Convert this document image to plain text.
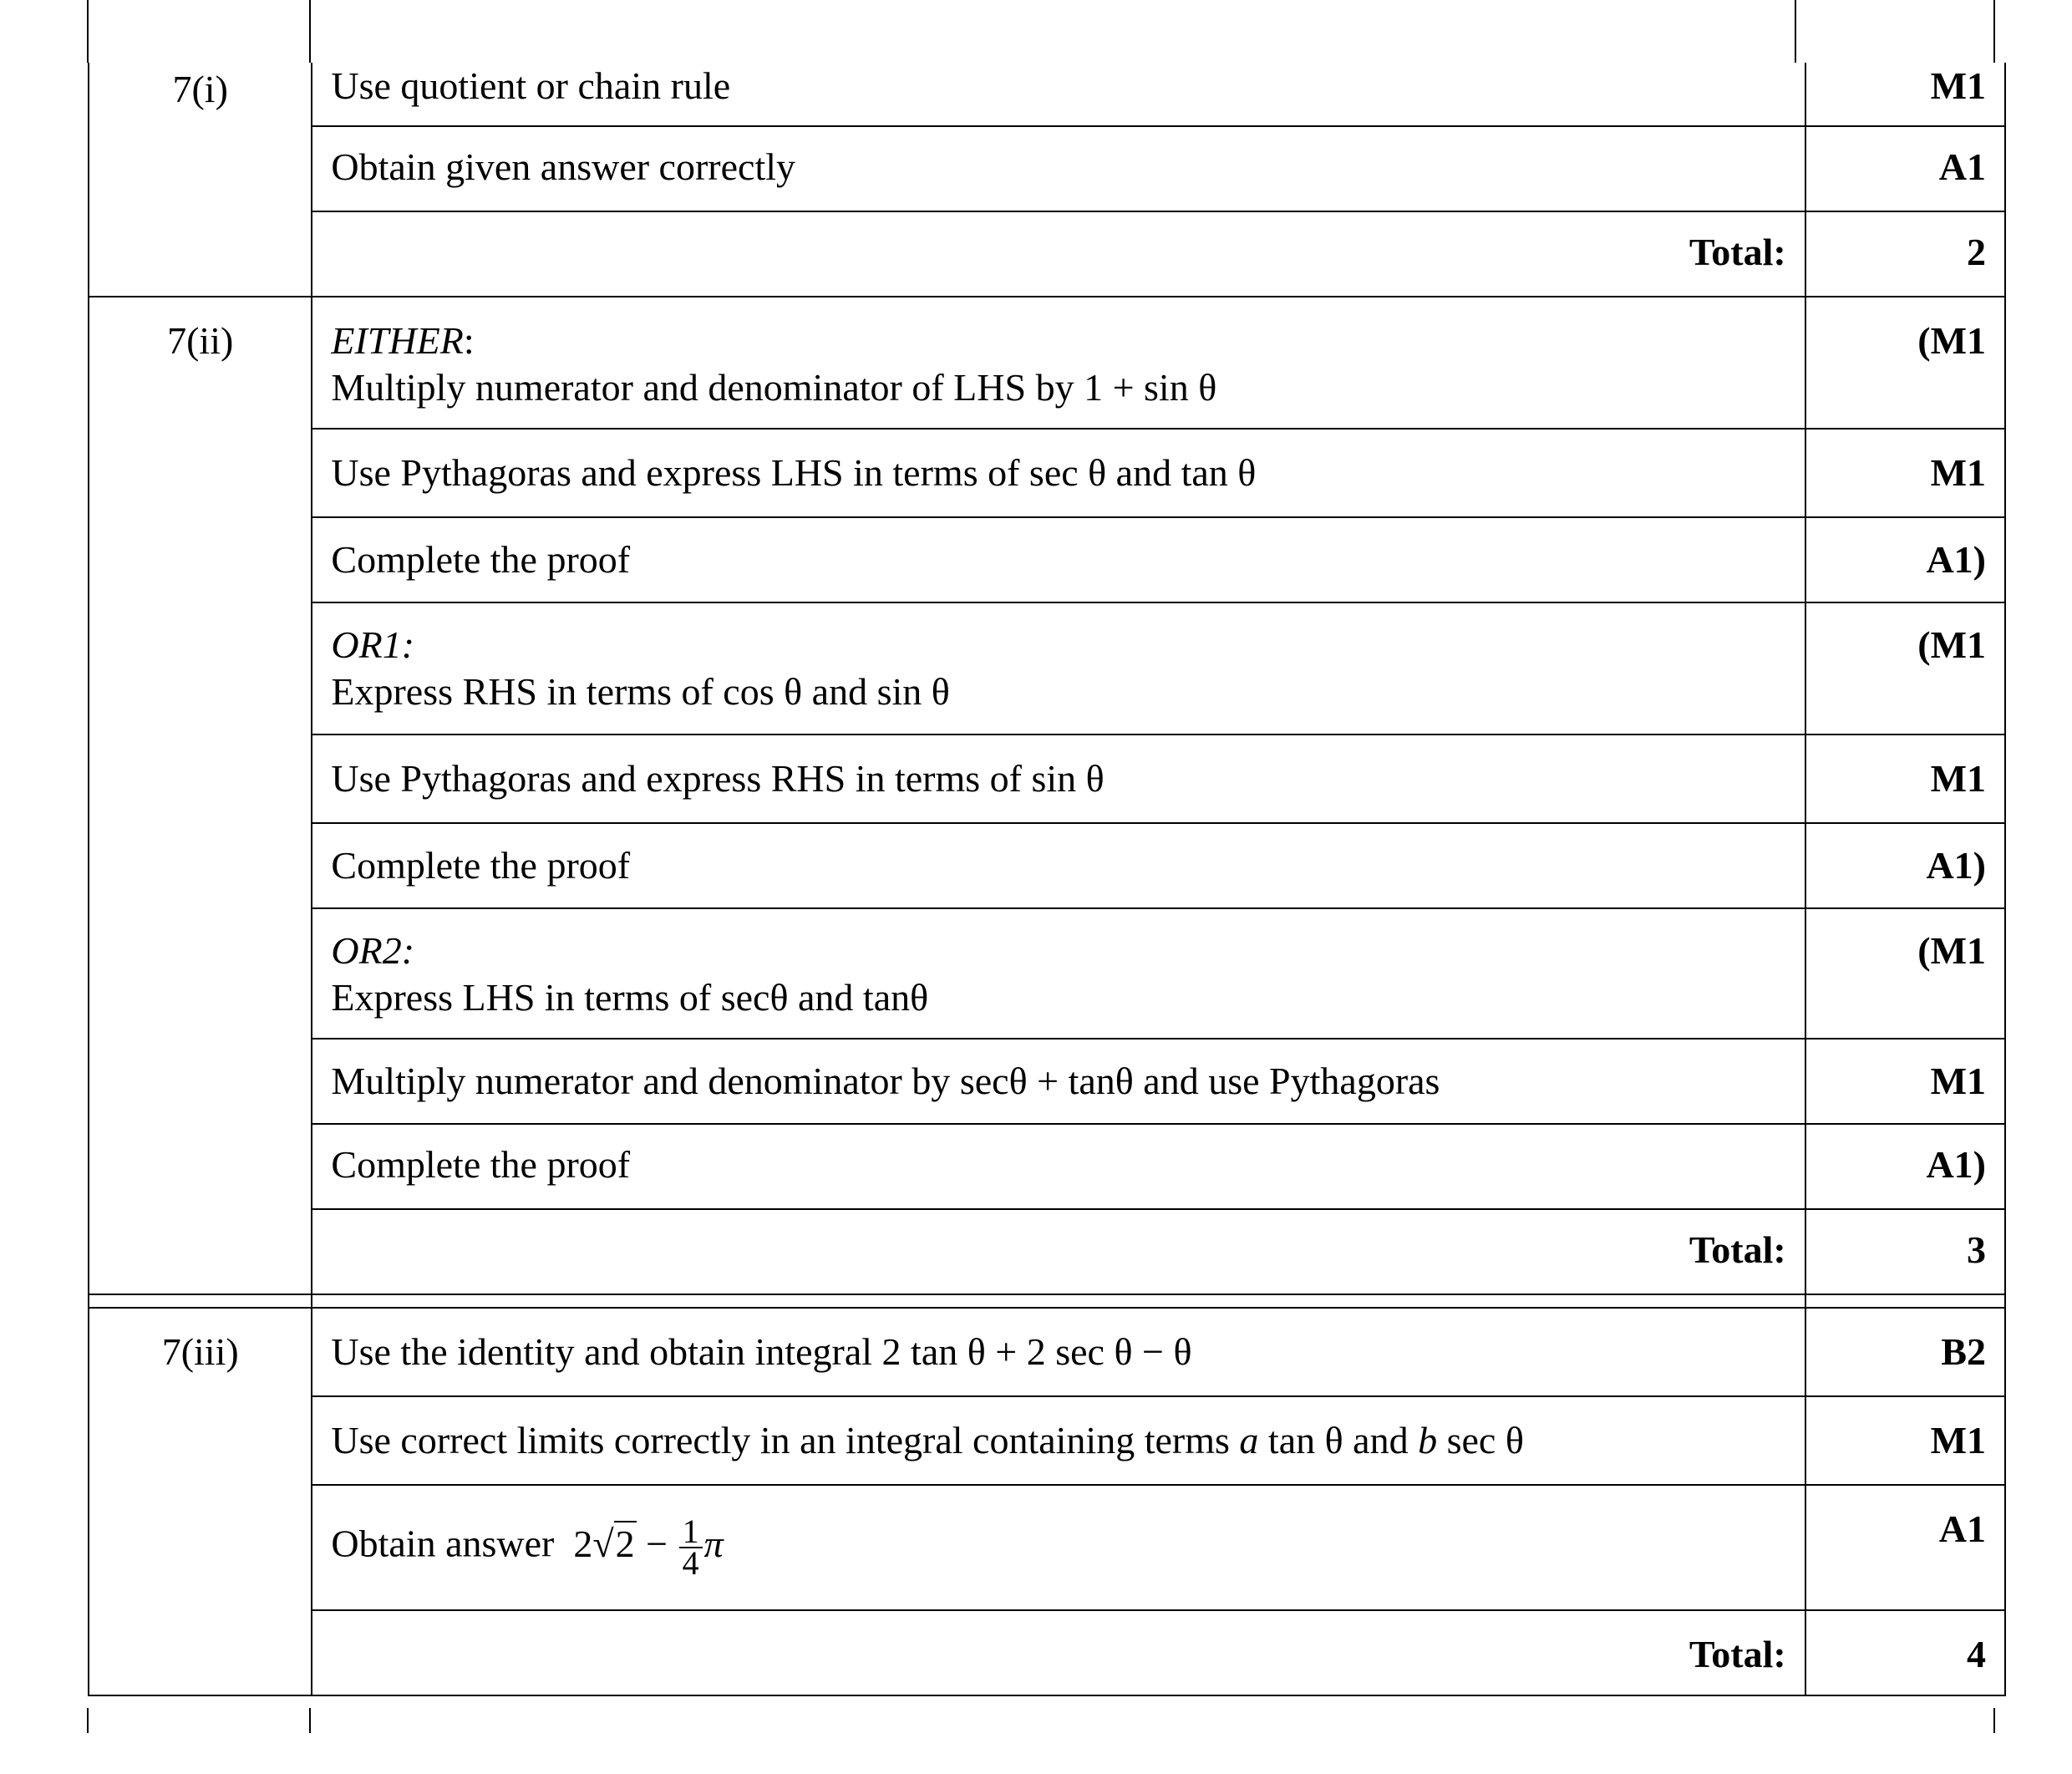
7(i)	Use quotient or chain rule	M1
	Obtain given answer correctly	A1
	Total:	2
7(ii)	EITHER:
Multiply numerator and denominator of LHS by 1 + sin θ	(M1
	Use Pythagoras and express LHS in terms of sec θ and tan θ	M1
	Complete the proof	A1)
	OR1:
Express RHS in terms of cos θ and sin θ	(M1
	Use Pythagoras and express RHS in terms of sin θ	M1
	Complete the proof	A1)
	OR2:
Express LHS in terms of secθ and tanθ	(M1
	Multiply numerator and denominator by secθ + tanθ and use Pythagoras	M1
	Complete the proof	A1)
	Total:	3

7(iii)	Use the identity and obtain integral 2 tan θ + 2 sec θ − θ	B2
	Use correct limits correctly in an integral containing terms a tan θ and b sec θ	M1
	Obtain answer $2√2 - \frac{1}{4}$ π	A1
	Total:	4
